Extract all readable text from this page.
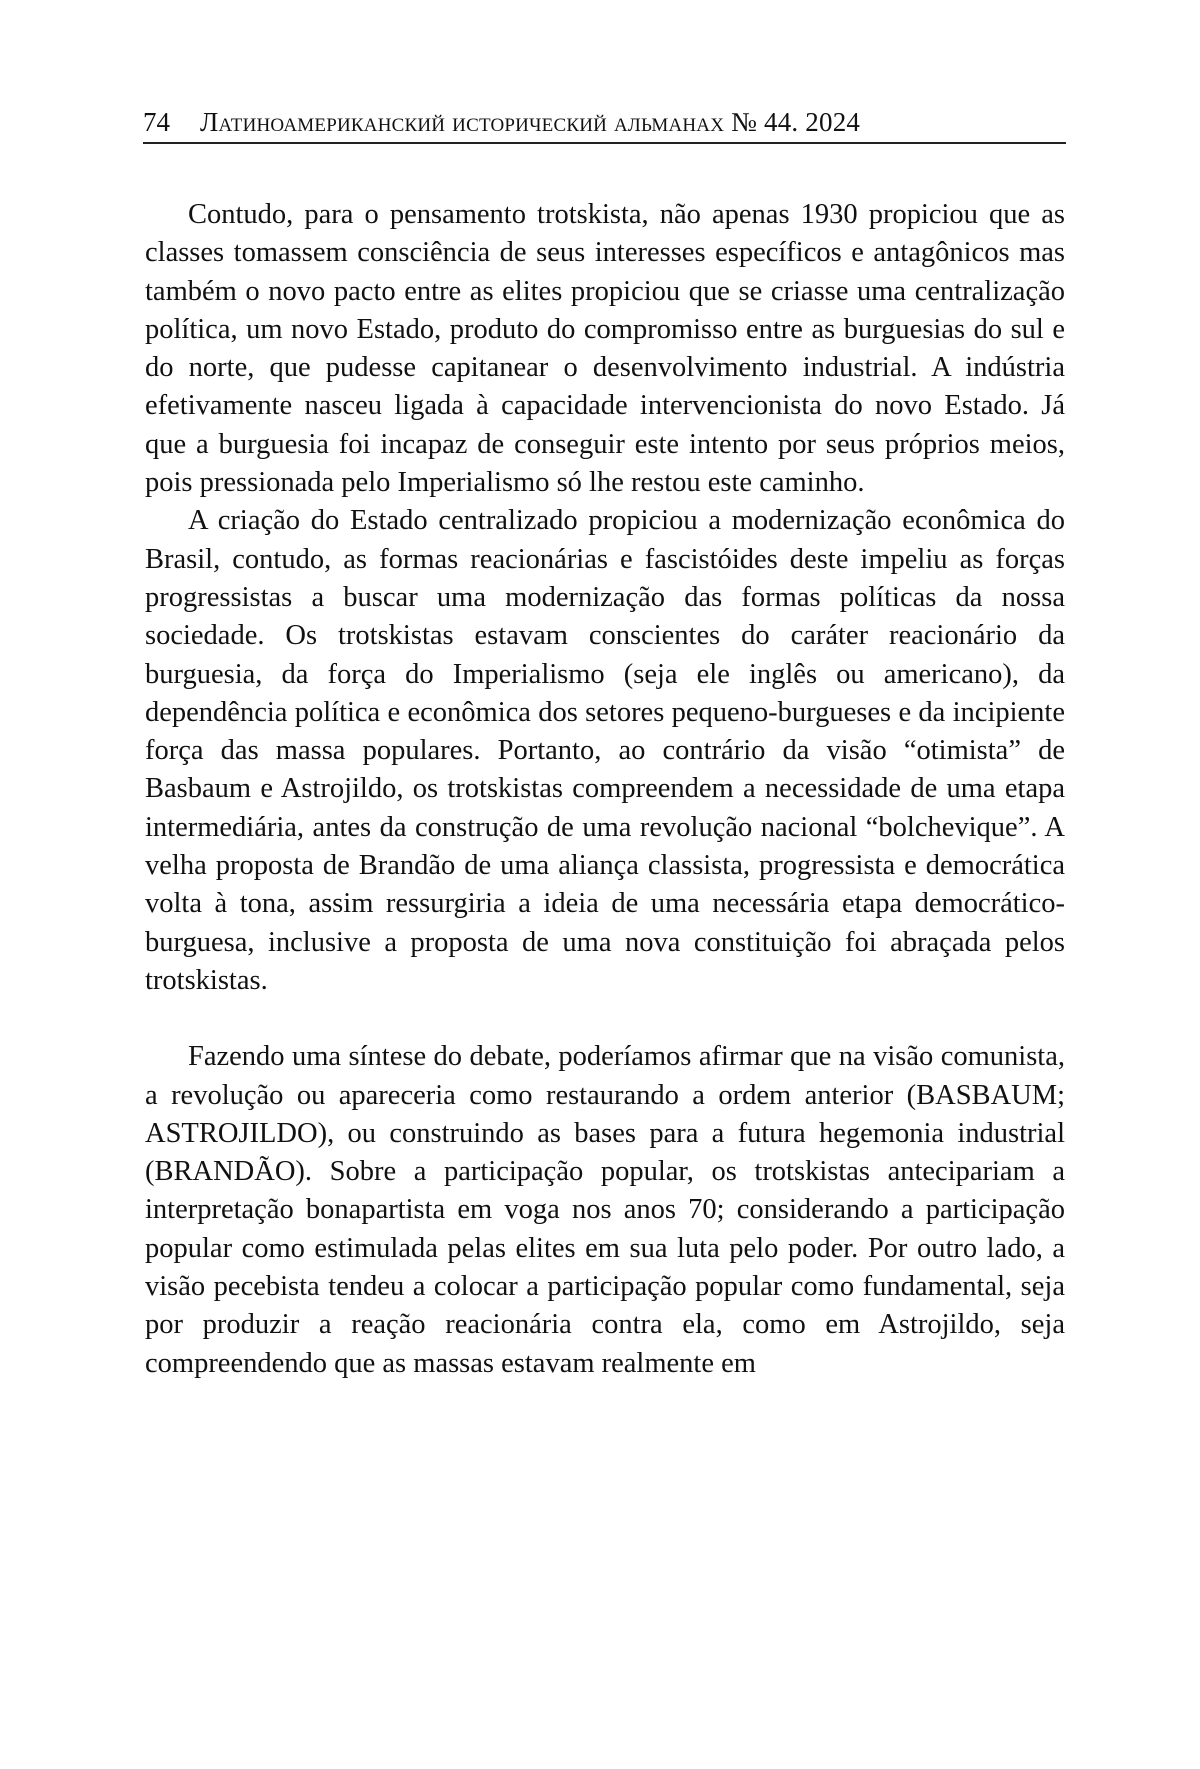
74 Латиноамериканский исторический альманах № 44. 2024

Contudo, para o pensamento trotskista, não apenas 1930 propiciou que as classes tomassem consciência de seus interesses específicos e antagônicos mas também o novo pacto entre as elites propiciou que se criasse uma centralização política, um novo Estado, produto do compromisso entre as burguesias do sul e do norte, que pudesse capitanear o desenvolvimento industrial. A indústria efetivamente nasceu ligada à capacidade intervencionista do novo Estado. Já que a burguesia foi incapaz de conseguir este intento por seus próprios meios, pois pressionada pelo Imperialismo só lhe restou este caminho.

A criação do Estado centralizado propiciou a modernização econômica do Brasil, contudo, as formas reacionárias e fascistóides deste impeliu as forças progressistas a buscar uma modernização das formas políticas da nossa sociedade. Os trotskistas estavam conscientes do caráter reacionário da burguesia, da força do Imperialismo (seja ele inglês ou americano), da dependência política e econômica dos setores pequeno-burgueses e da incipiente força das massa populares. Portanto, ao contrário da visão “otimista” de Basbaum e Astrojildo, os trotskistas compreendem a necessidade de uma etapa intermediária, antes da construção de uma revolução nacional “bolchevique”. A velha proposta de Brandão de uma aliança classista, progressista e democrática volta à tona, assim ressurgiria a ideia de uma necessária etapa democrático-burguesa, inclusive a proposta de uma nova constituição foi abraçada pelos trotskistas.

Fazendo uma síntese do debate, poderíamos afirmar que na visão comunista, a revolução ou apareceria como restaurando a ordem anterior (BASBAUM; ASTROJILDO), ou construindo as bases para a futura hegemonia industrial (BRANDÃO). Sobre a participação popular, os trotskistas antecipariam a interpretação bonapartista em voga nos anos 70; considerando a participação popular como estimulada pelas elites em sua luta pelo poder. Por outro lado, a visão pecebista tendeu a colocar a participação popular como fundamental, seja por produzir a reação reacionária contra ela, como em Astrojildo, seja compreendendo que as massas estavam realmente em
